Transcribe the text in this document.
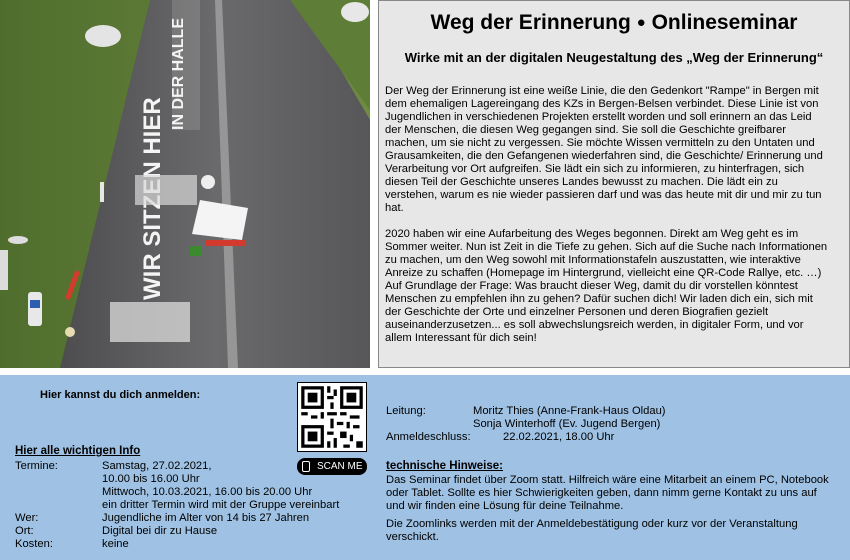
IN DER HALLE	Weg der Erinnerung ● Onlineseminar
Wirke mit an der digitalen Neugestaltung des „Weg der Erinnerung“

Der Weg der Erinnerung ist eine weiße Linie, die den Gedenkort "Rampe" in Bergen mit dem ehemaligen Lagereingang des KZs in Bergen-Belsen verbindet. Diese Linie ist von Jugendlichen in verschiedenen Projekten erstellt worden und soll erinnern an das Leid der Menschen, die diesen Weg gegangen sind. Sie soll die Geschichte greifbarer machen, um sie nicht zu vergessen. Sie möchte Wissen vermitteln zu den Untaten und Grausamkeiten, die den Gefangenen wiederfahren sind, die Geschichte/ Erinnerung und Verarbeitung vor Ort aufgreifen. Sie lädt ein sich zu informieren, zu hinterfragen, sich diesen Teil der Geschichte unseres Landes bewusst zu machen. Die lädt ein zu verstehen, warum es nie wieder passieren darf und was das heute mit dir und mir zu tun hat.

2020 haben wir eine Aufarbeitung des Weges begonnen. Direkt am Weg geht es im Sommer weiter. Nun ist Zeit in die Tiefe zu gehen. Sich auf die Suche nach Informationen zu machen, um den Weg sowohl mit Informationstafeln auszustatten, wie interaktive Anreize zu schaffen (Homepage im Hintergrund, vielleicht eine QR-Code Rallye, etc. …) Auf Grundlage der Frage: Was braucht dieser Weg, damit du dir vorstellen könntest Menschen zu empfehlen ihn zu gehen? Dafür suchen dich! Wir laden dich ein, sich mit der Geschichte der Orte und einzelner Personen und deren Biografien gezielt auseinanderzusetzen... es soll abwechslungsreich werden, in digitaler Form, und vor allem Interessant für dich sein!

Hier kannst du dich anmelden:
SCAN ME
Hier alle wichtigen Info
Termine:	Samstag, 27.02.2021,
10.00 bis 16.00 Uhr
Mittwoch, 10.03.2021, 16.00 bis 20.00 Uhr
ein dritter Termin wird mit der Gruppe vereinbart
Wer:	Jugendliche im Alter von 14 bis 27 Jahren
Ort:	Digital bei dir zu Hause
Kosten:	keine
Leitung:	Moritz Thies (Anne-Frank-Haus Oldau)
Sonja Winterhoff (Ev. Jugend Bergen)
Anmeldeschluss:	22.02.2021, 18.00 Uhr
technische Hinweise:

Das Seminar findet über Zoom statt. Hilfreich wäre eine Mitarbeit an einem PC, Notebook oder Tablet. Sollte es hier Schwierigkeiten geben, dann nimm gerne Kontakt zu uns auf und wir finden eine Lösung für deine Teilnahme.

Die Zoomlinks werden mit der Anmeldebestätigung oder kurz vor der Veranstaltung verschickt.
